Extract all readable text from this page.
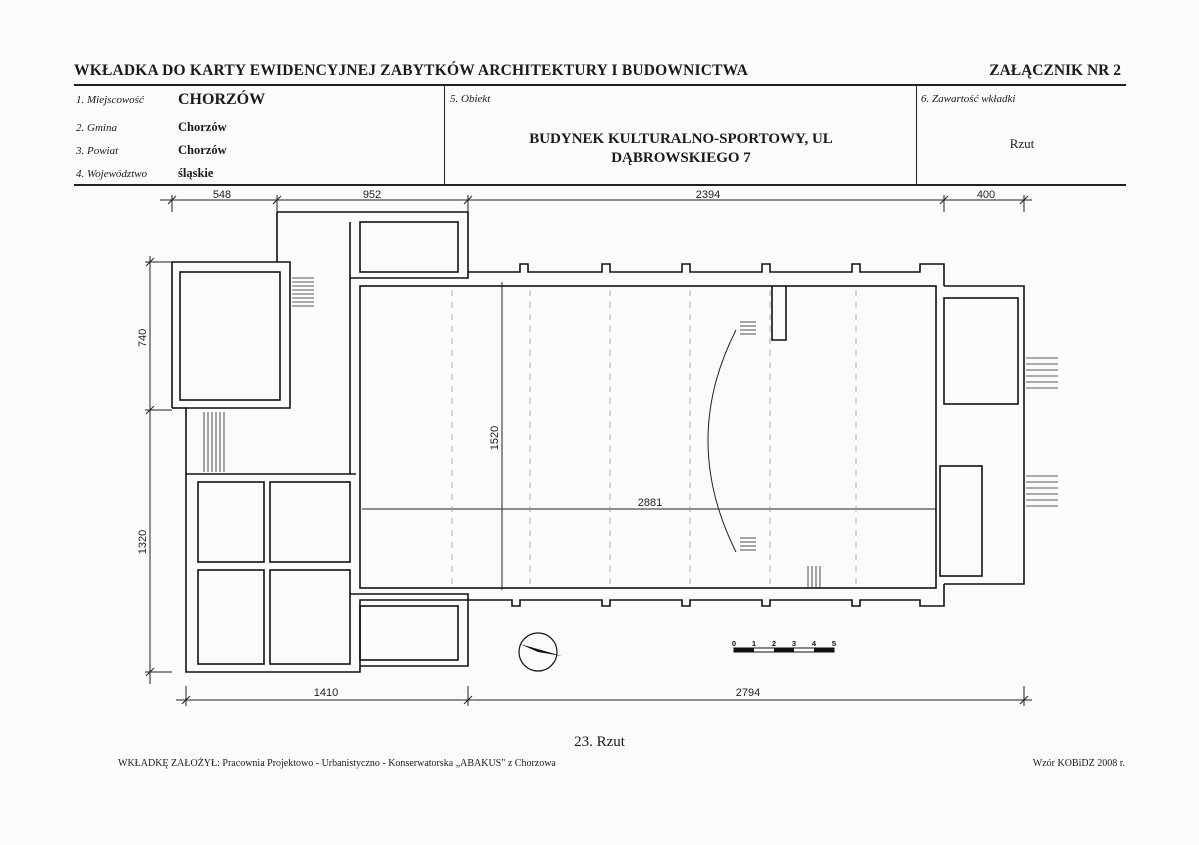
WKŁADKA DO KARTY EWIDENCYJNEJ ZABYTKÓW ARCHITEKTURY I BUDOWNICTWA	ZAŁĄCZNIK NR 2
1. Miejscowość CHORZÓW
2. Gmina	Chorzów
3. Powiat	Chorzów
4. Województwo śląskie
5. Obiekt
BUDYNEK KULTURALNO-SPORTOWY, UL
DĄBROWSKIEGO 7
6. Zawartość wkładki
Rzut
548	952	2394	400
740
1320
1520
2881
1410	2794
0 1 2 3 4 5
23. Rzut
WKŁADKĘ ZAŁOŻYŁ: Pracownia Projektowo - Urbanistyczno - Konserwatorska „ABAKUS" z Chorzowa	Wzór KOBiDZ 2008 r.
